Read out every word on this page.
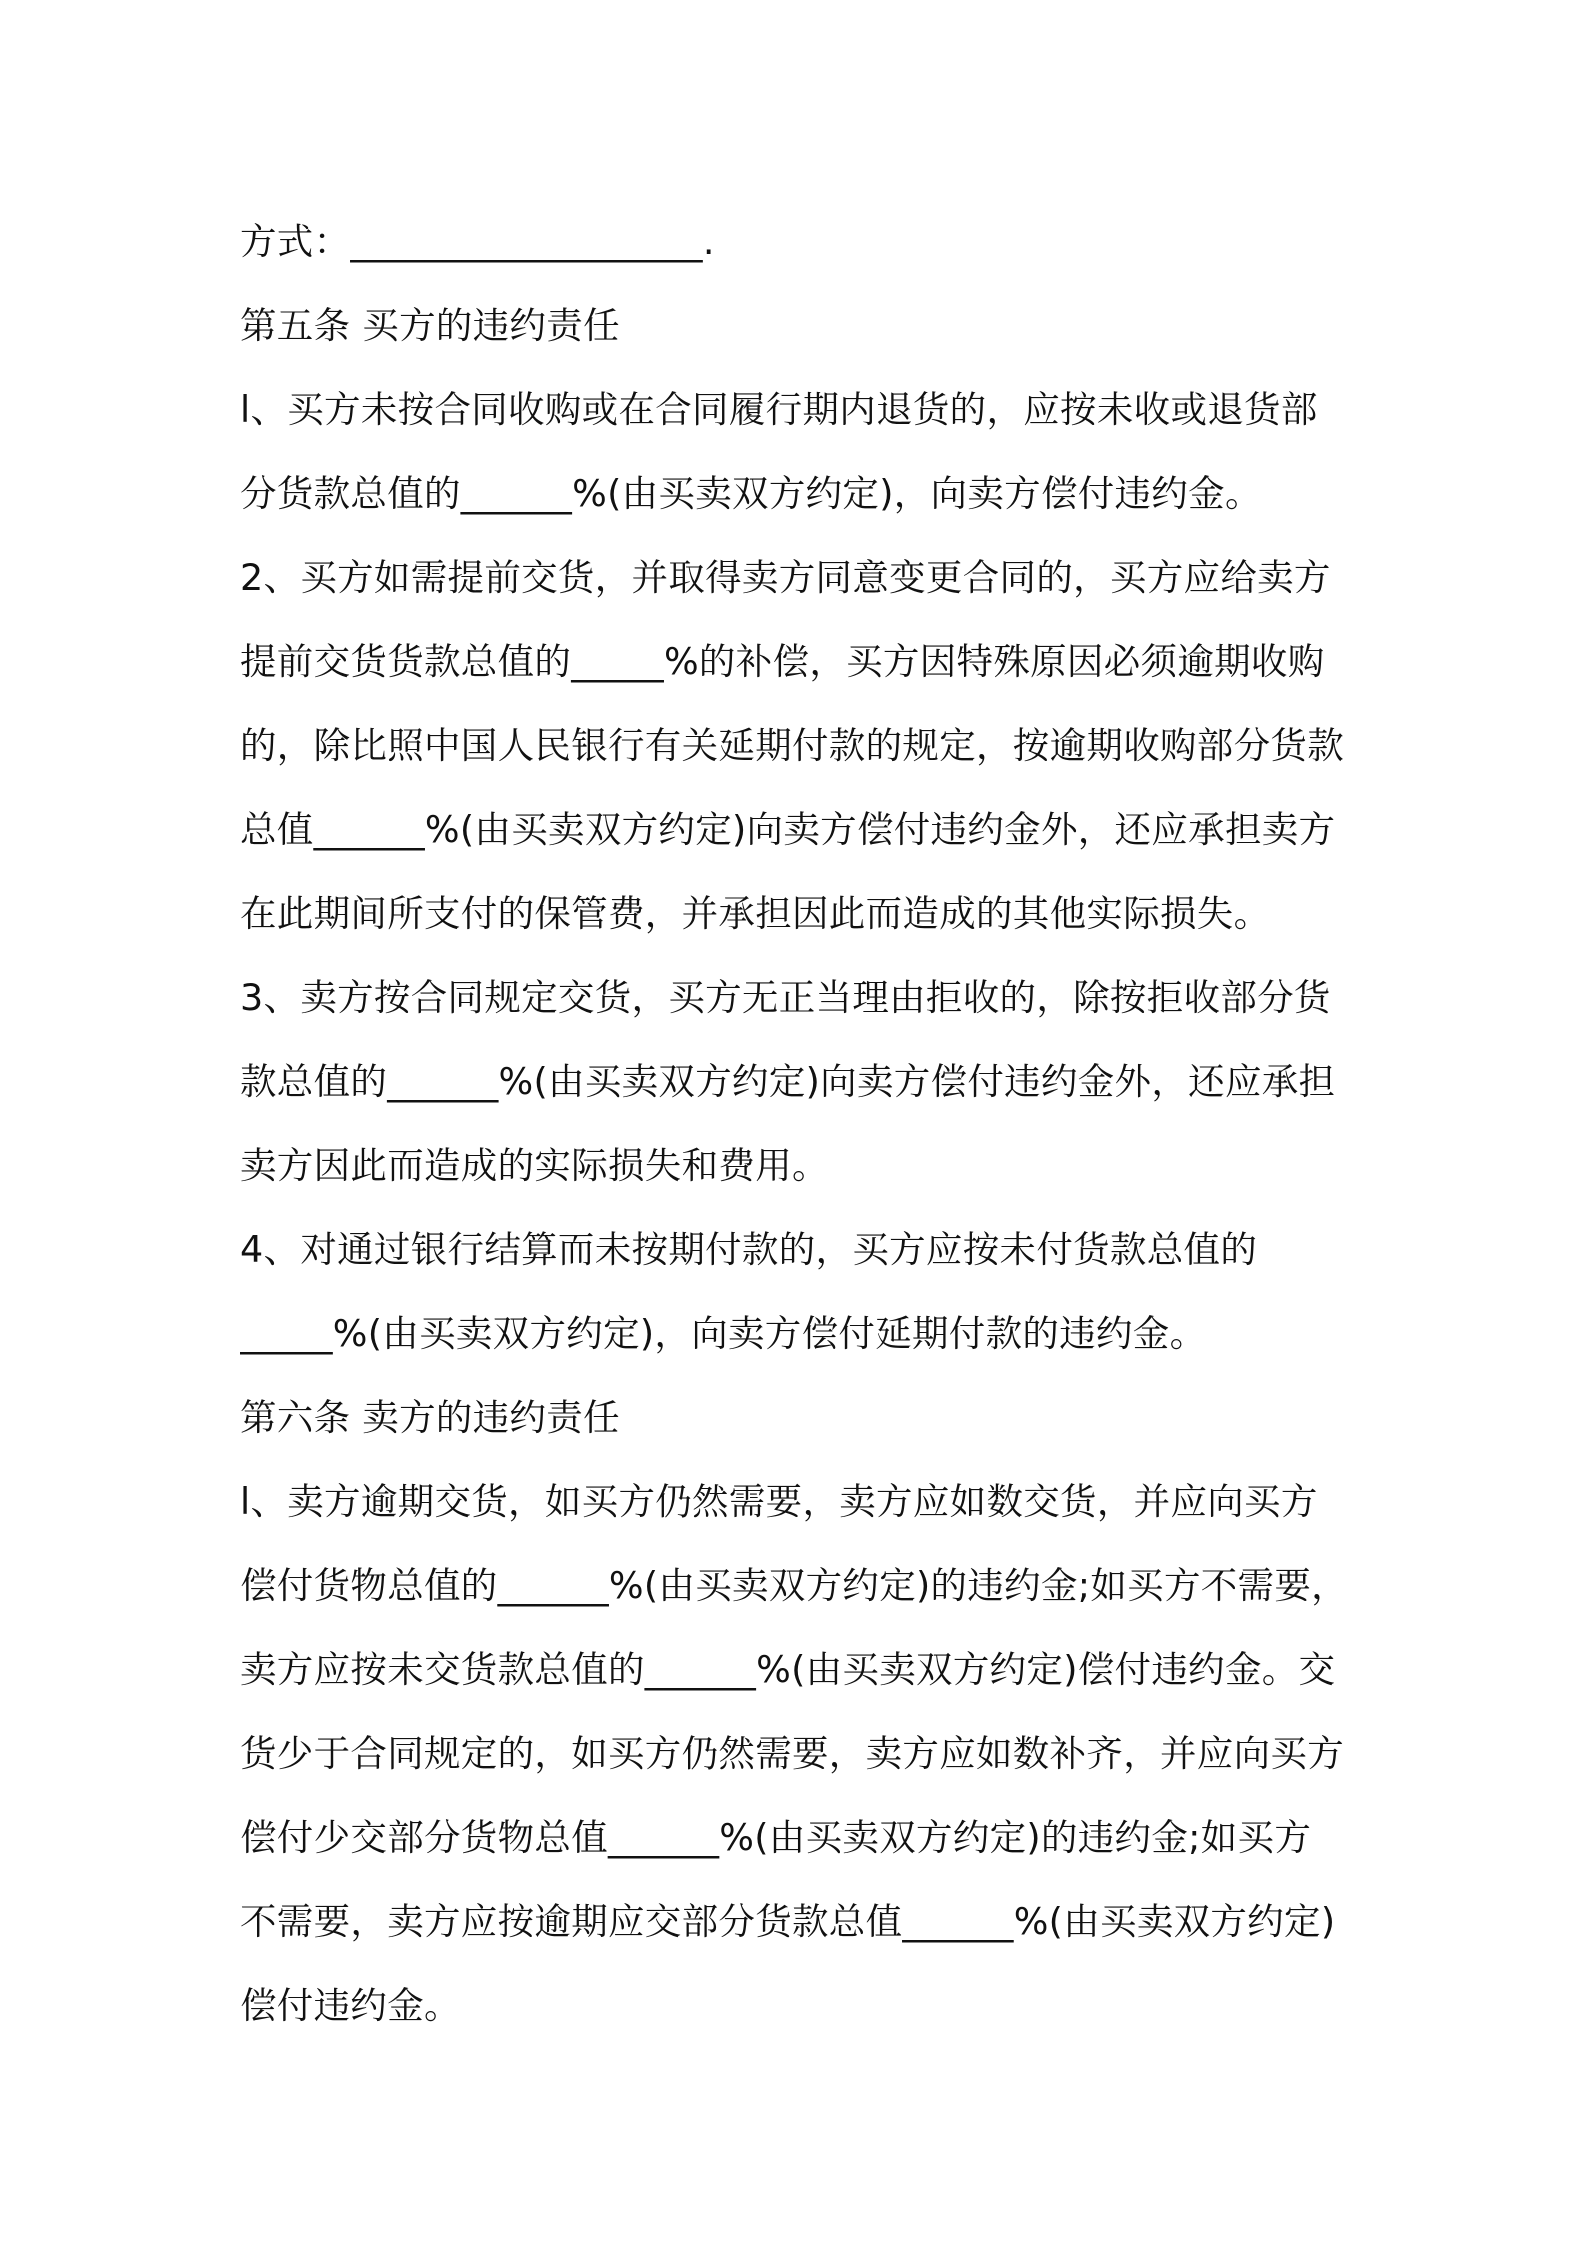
方式：___________________.
第五条 买方的违约责任
l、买方未按合同收购或在合同履行期内退货的，应按未收或退货部
分货款总值的______%(由买卖双方约定)，向卖方偿付违约金。
2、买方如需提前交货，并取得卖方同意变更合同的，买方应给卖方
提前交货货款总值的_____%的补偿，买方因特殊原因必须逾期收购
的，除比照中国人民银行有关延期付款的规定，按逾期收购部分货款
总值______%(由买卖双方约定)向卖方偿付违约金外，还应承担卖方
在此期间所支付的保管费，并承担因此而造成的其他实际损失。
3、卖方按合同规定交货，买方无正当理由拒收的，除按拒收部分货
款总值的______%(由买卖双方约定)向卖方偿付违约金外，还应承担
卖方因此而造成的实际损失和费用。
4、对通过银行结算而未按期付款的，买方应按未付货款总值的
_____%(由买卖双方约定)，向卖方偿付延期付款的违约金。
第六条 卖方的违约责任
l、卖方逾期交货，如买方仍然需要，卖方应如数交货，并应向买方
偿付货物总值的______%(由买卖双方约定)的违约金;如买方不需要，
卖方应按未交货款总值的______%(由买卖双方约定)偿付违约金。交
货少于合同规定的，如买方仍然需要，卖方应如数补齐，并应向买方
偿付少交部分货物总值______%(由买卖双方约定)的违约金;如买方
不需要，卖方应按逾期应交部分货款总值______%(由买卖双方约定)
偿付违约金。
